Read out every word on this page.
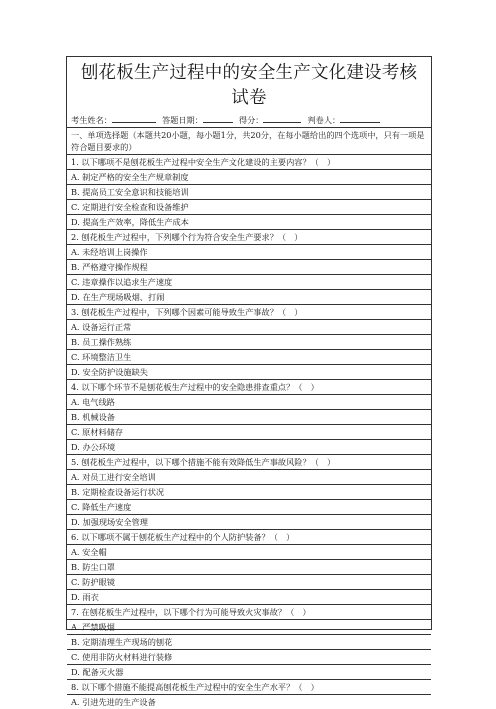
刨花板生产过程中的安全生产文化建设考核试卷
考生姓名：	答题日期：	得分：	判卷人：
一、单项选择题（本题共20小题，每小题1分，共20分，在每小题给出的四个选项中，只有一项是符合题目要求的）
1. 以下哪项不是刨花板生产过程中安全生产文化建设的主要内容？（　）
A. 制定严格的安全生产规章制度
B. 提高员工安全意识和技能培训
C. 定期进行安全检查和设备维护
D. 提高生产效率，降低生产成本
2. 刨花板生产过程中，下列哪个行为符合安全生产要求？（　）
A. 未经培训上岗操作
B. 严格遵守操作规程
C. 违章操作以追求生产速度
D. 在生产现场吸烟、打闹
3. 刨花板生产过程中，下列哪个因素可能导致生产事故？（　）
A. 设备运行正常
B. 员工操作熟练
C. 环境整洁卫生
D. 安全防护设施缺失
4. 以下哪个环节不是刨花板生产过程中的安全隐患排查重点？（　）
A. 电气线路
B. 机械设备
C. 原材料储存
D. 办公环境
5. 刨花板生产过程中，以下哪个措施不能有效降低生产事故风险？（　）
A. 对员工进行安全培训
B. 定期检查设备运行状况
C. 降低生产速度
D. 加强现场安全管理
6. 以下哪项不属于刨花板生产过程中的个人防护装备？（　）
A. 安全帽
B. 防尘口罩
C. 防护眼镜
D. 雨衣
7. 在刨花板生产过程中，以下哪个行为可能导致火灾事故？（　）
A. 严禁吸烟
B. 定期清理生产现场的刨花
C. 使用非防火材料进行装修
D. 配备灭火器
8. 以下哪个措施不能提高刨花板生产过程中的安全生产水平？（　）
A. 引进先进的生产设备
